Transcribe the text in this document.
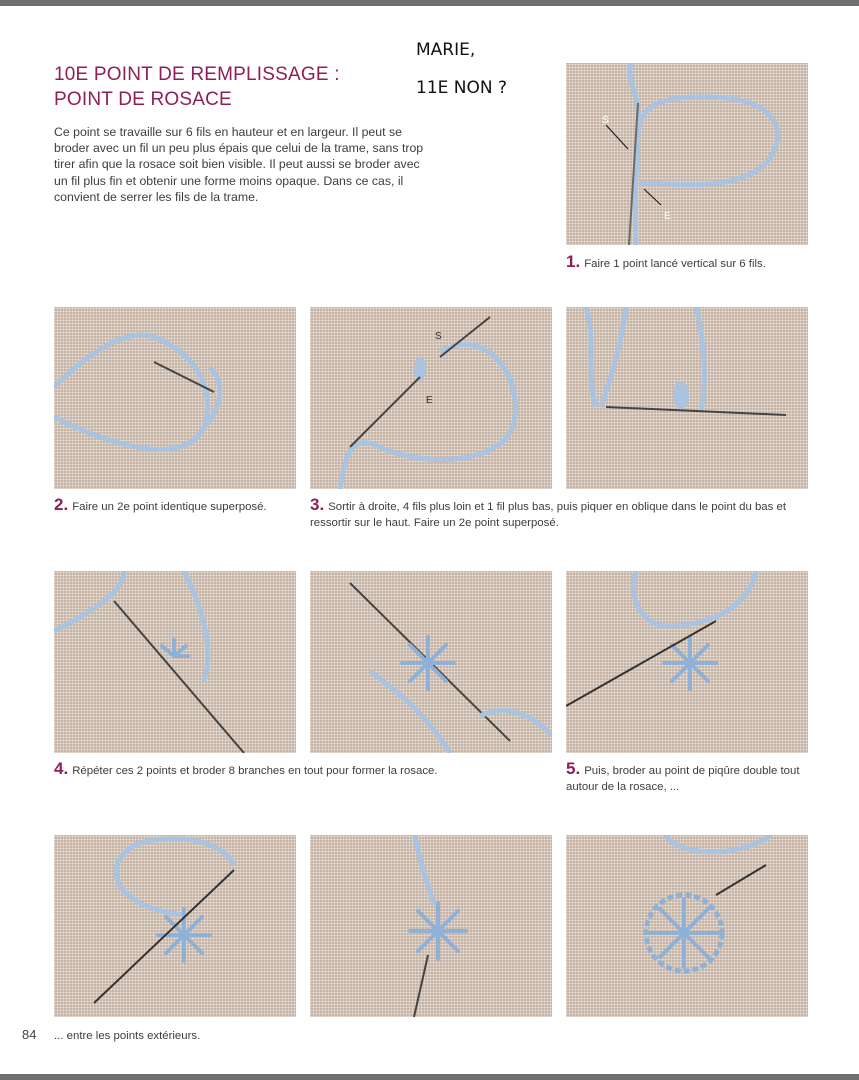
10E POINT DE REMPLISSAGE :
POINT DE ROSACE

Ce point se travaille sur 6 fils en hauteur et en largeur. Il peut se broder avec un fil un peu plus épais que celui de la trame, sans trop tirer afin que la rosace soit bien visible. Il peut aussi se broder avec un fil plus fin et obtenir une forme moins opaque. Dans ce cas, il convient de serrer les fils de la trame.

MARIE,
11E NON ?
S
E
1. Faire 1 point lancé vertical sur 6 fils.
S
E
2. Faire un 2e point identique superposé.	3. Sortir à droite, 4 fils plus loin et 1 fil plus bas, puis piquer en oblique dans le point du bas et ressortir sur le haut. Faire un 2e point superposé.
4. Répéter ces 2 points et broder 8 branches en tout pour former la rosace.	5. Puis, broder au point de piqûre double tout autour de la rosace, ...
84 ... entre les points extérieurs.
